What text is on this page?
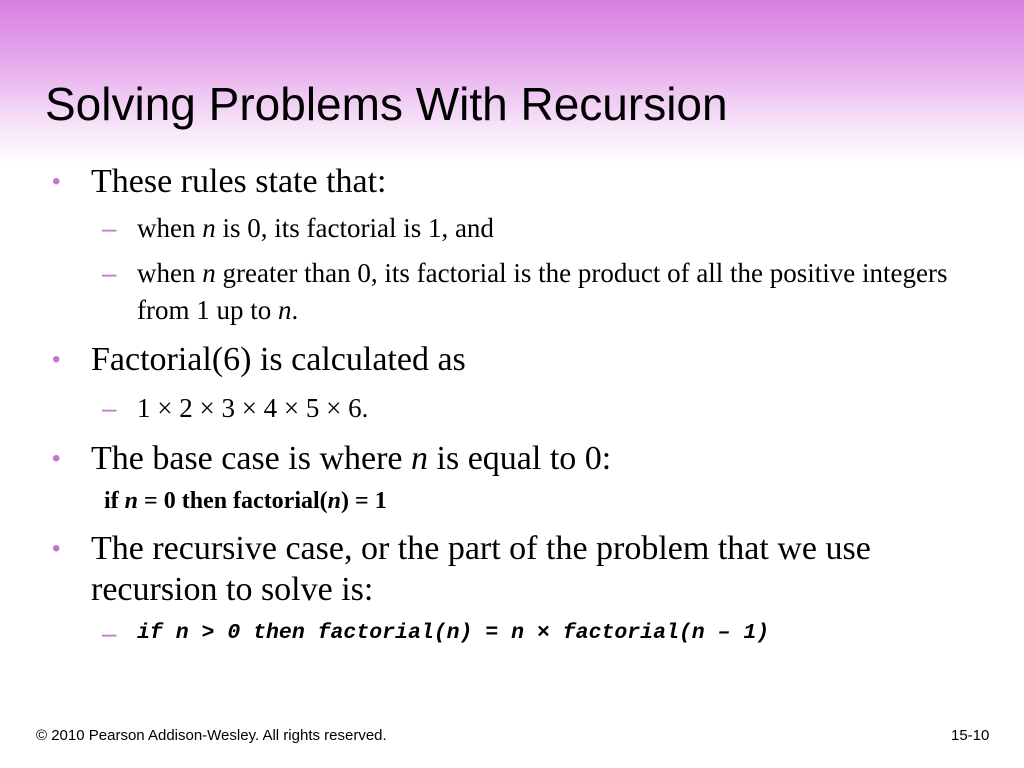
Solving Problems With Recursion
• These rules state that:
– when n is 0, its factorial is 1, and
– when n greater than 0, its factorial is the product of all the positive integers from 1 up to n.
• Factorial(6) is calculated as
– 1 × 2 × 3 × 4 × 5 × 6.
• The base case is where n is equal to 0:
if n = 0 then factorial(n) = 1
• The recursive case, or the part of the problem that we use recursion to solve is:
– if n > 0 then factorial(n) = n × factorial(n – 1)
© 2010 Pearson Addison-Wesley. All rights reserved.	15-10
